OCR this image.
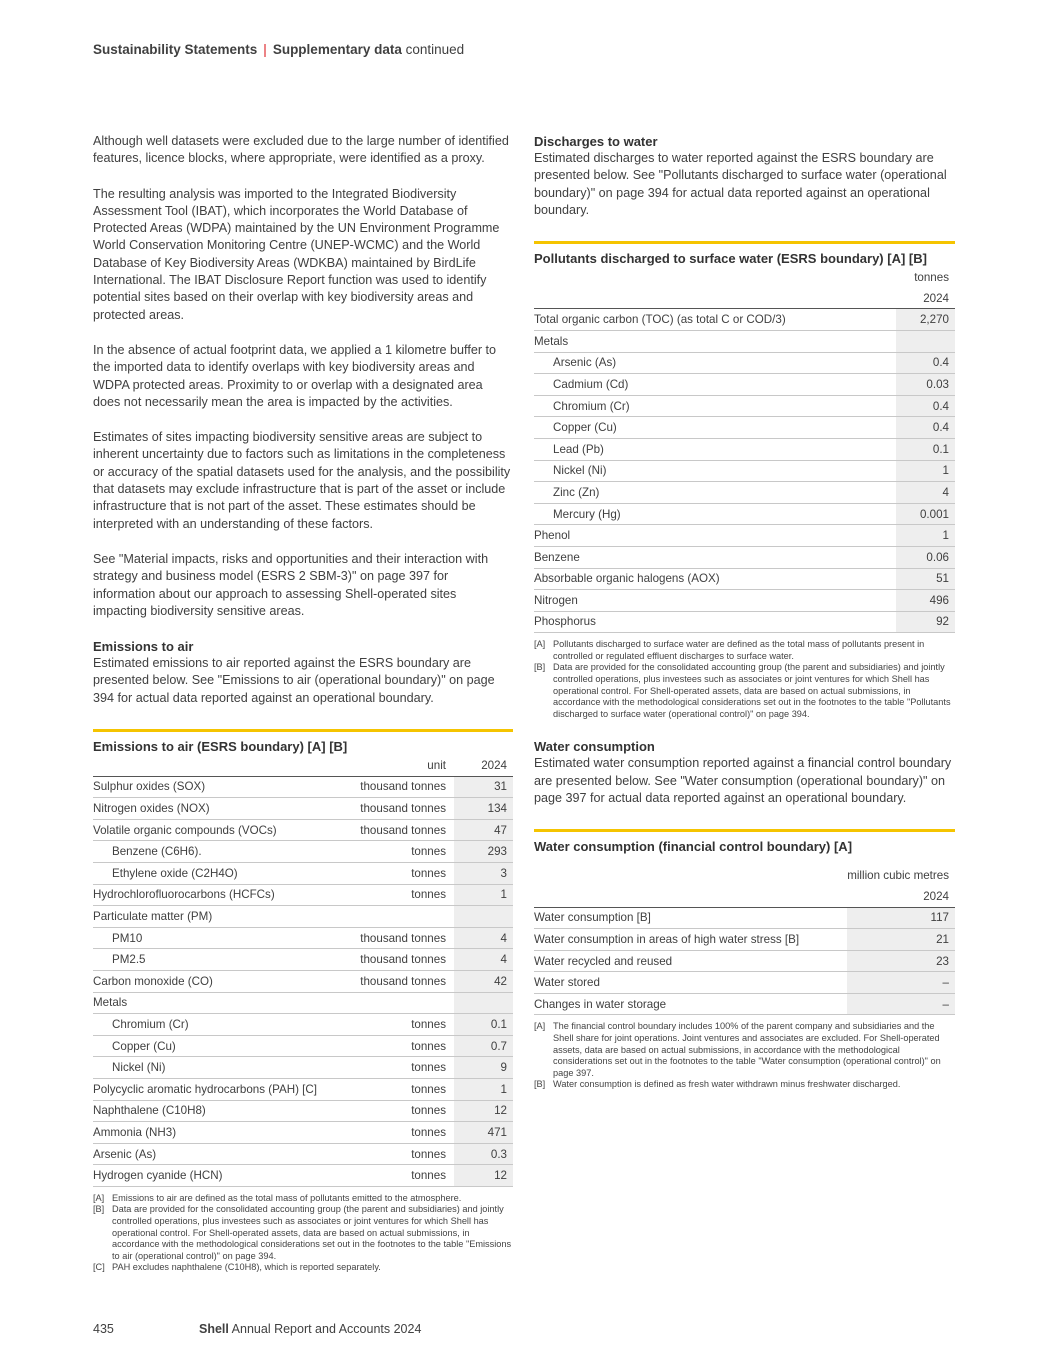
Sustainability Statements | Supplementary data continued

Although well datasets were excluded due to the large number of identified features, licence blocks, where appropriate, were identified as a proxy.

The resulting analysis was imported to the Integrated Biodiversity Assessment Tool (IBAT), which incorporates the World Database of Protected Areas (WDPA) maintained by the UN Environment Programme World Conservation Monitoring Centre (UNEP-WCMC) and the World Database of Key Biodiversity Areas (WDKBA) maintained by BirdLife International. The IBAT Disclosure Report function was used to identify potential sites based on their overlap with key biodiversity areas and protected areas.

In the absence of actual footprint data, we applied a 1 kilometre buffer to the imported data to identify overlaps with key biodiversity areas and WDPA protected areas. Proximity to or overlap with a designated area does not necessarily mean the area is impacted by the activities.

Estimates of sites impacting biodiversity sensitive areas are subject to inherent uncertainty due to factors such as limitations in the completeness or accuracy of the spatial datasets used for the analysis, and the possibility that datasets may exclude infrastructure that is part of the asset or include infrastructure that is not part of the asset. These estimates should be interpreted with an understanding of these factors.

See "Material impacts, risks and opportunities and their interaction with strategy and business model (ESRS 2 SBM-3)" on page 397 for information about our approach to assessing Shell-operated sites impacting biodiversity sensitive areas.

Emissions to air

Estimated emissions to air reported against the ESRS boundary are presented below. See "Emissions to air (operational boundary)" on page 394 for actual data reported against an operational boundary.

Emissions to air (ESRS boundary) [A] [B]
	unit	2024
Sulphur oxides (SOX)	thousand tonnes	31
Nitrogen oxides (NOX)	thousand tonnes	134
Volatile organic compounds (VOCs)	thousand tonnes	47
Benzene (C6H6).	tonnes	293
Ethylene oxide (C2H4O)	tonnes	3
Hydrochlorofluorocarbons (HCFCs)	tonnes	1
Particulate matter (PM)		
PM10	thousand tonnes	4
PM2.5	thousand tonnes	4
Carbon monoxide (CO)	thousand tonnes	42
Metals		
Chromium (Cr)	tonnes	0.1
Copper (Cu)	tonnes	0.7
Nickel (Ni)	tonnes	9
Polycyclic aromatic hydrocarbons (PAH) [C]	tonnes	1
Naphthalene (C10H8)	tonnes	12
Ammonia (NH3)	tonnes	471
Arsenic (As)	tonnes	0.3
Hydrogen cyanide (HCN)	tonnes	12
[A] Emissions to air are defined as the total mass of pollutants emitted to the atmosphere.
[B] Data are provided for the consolidated accounting group (the parent and subsidiaries) and jointly controlled operations, plus investees such as associates or joint ventures for which Shell has operational control. For Shell-operated assets, data are based on actual submissions, in accordance with the methodological considerations set out in the footnotes to the table "Emissions to air (operational control)" on page 394.
[C] PAH excludes naphthalene (C10H8), which is reported separately.
Discharges to water

Estimated discharges to water reported against the ESRS boundary are presented below. See "Pollutants discharged to surface water (operational boundary)" on page 394 for actual data reported against an operational boundary.

Pollutants discharged to surface water (ESRS boundary) [A] [B]
	tonnes
	2024
Total organic carbon (TOC) (as total C or COD/3)	2,270
Metals	
Arsenic (As)	0.4
Cadmium (Cd)	0.03
Chromium (Cr)	0.4
Copper (Cu)	0.4
Lead (Pb)	0.1
Nickel (Ni)	1
Zinc (Zn)	4
Mercury (Hg)	0.001
Phenol	1
Benzene	0.06
Absorbable organic halogens (AOX)	51
Nitrogen	496
Phosphorus	92
[A] Pollutants discharged to surface water are defined as the total mass of pollutants present in controlled or regulated effluent discharges to surface water.
[B] Data are provided for the consolidated accounting group (the parent and subsidiaries) and jointly controlled operations, plus investees such as associates or joint ventures for which Shell has operational control. For Shell-operated assets, data are based on actual submissions, in accordance with the methodological considerations set out in the footnotes to the table "Pollutants discharged to surface water (operational control)" on page 394.
Water consumption

Estimated water consumption reported against a financial control boundary are presented below. See "Water consumption (operational boundary)" on page 397 for actual data reported against an operational boundary.

Water consumption (financial control boundary) [A]
	million cubic metres
	2024
Water consumption [B]	117
Water consumption in areas of high water stress [B]	21
Water recycled and reused	23
Water stored	–
Changes in water storage	–
[A] The financial control boundary includes 100% of the parent company and subsidiaries and the Shell share for joint operations. Joint ventures and associates are excluded. For Shell-operated assets, data are based on actual submissions, in accordance with the methodological considerations set out in the footnotes to the table "Water consumption (operational control)" on page 397.
[B] Water consumption is defined as fresh water withdrawn minus freshwater discharged.
435	Shell Annual Report and Accounts 2024
